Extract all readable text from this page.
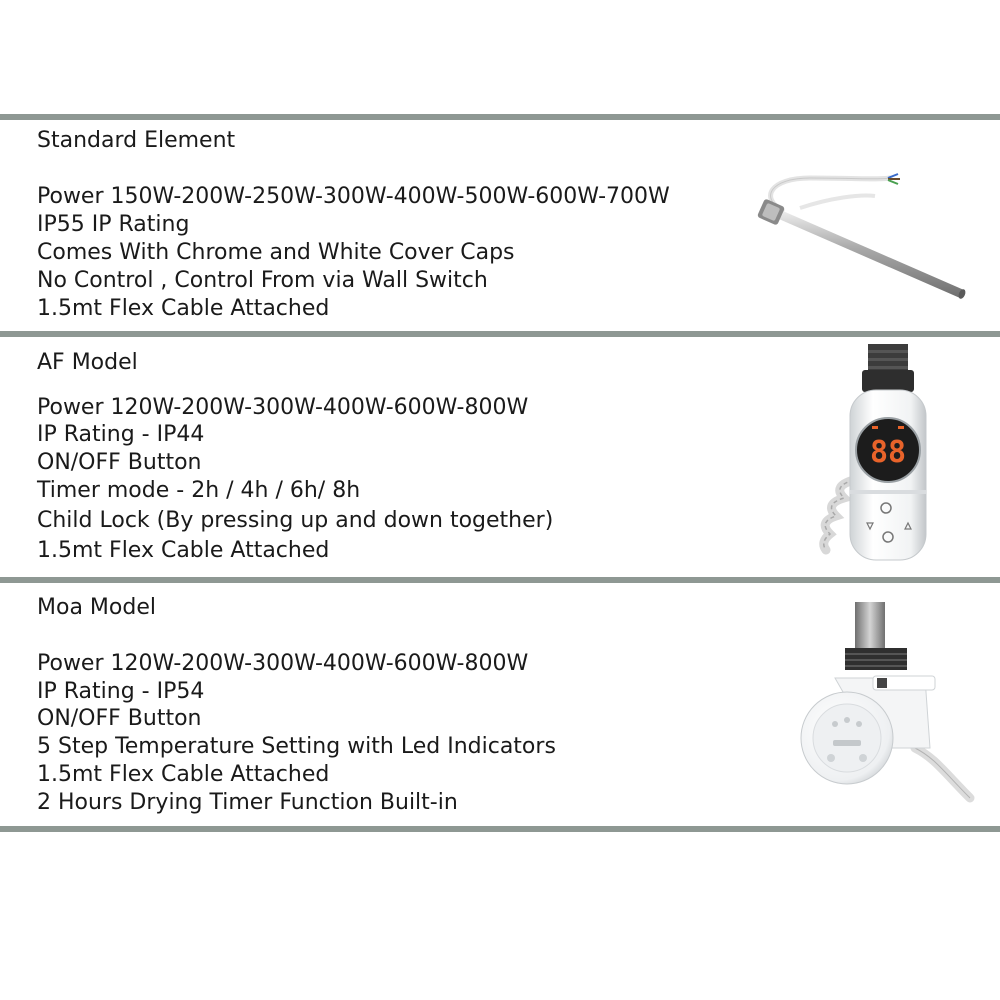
Standard Element
Power 150W-200W-250W-300W-400W-500W-600W-700W
IP55 IP Rating
Comes With Chrome and White Cover Caps
No Control , Control From via Wall Switch
1.5mt Flex Cable Attached
AF Model
Power 120W-200W-300W-400W-600W-800W
IP Rating - IP44
ON/OFF Button
Timer mode - 2h / 4h / 6h/ 8h
Child Lock (By pressing up and down together)
1.5mt Flex Cable Attached
88
Moa Model
Power 120W-200W-300W-400W-600W-800W
IP Rating - IP54
ON/OFF Button
5 Step Temperature Setting with Led Indicators
1.5mt Flex Cable Attached
2 Hours Drying Timer Function Built-in
